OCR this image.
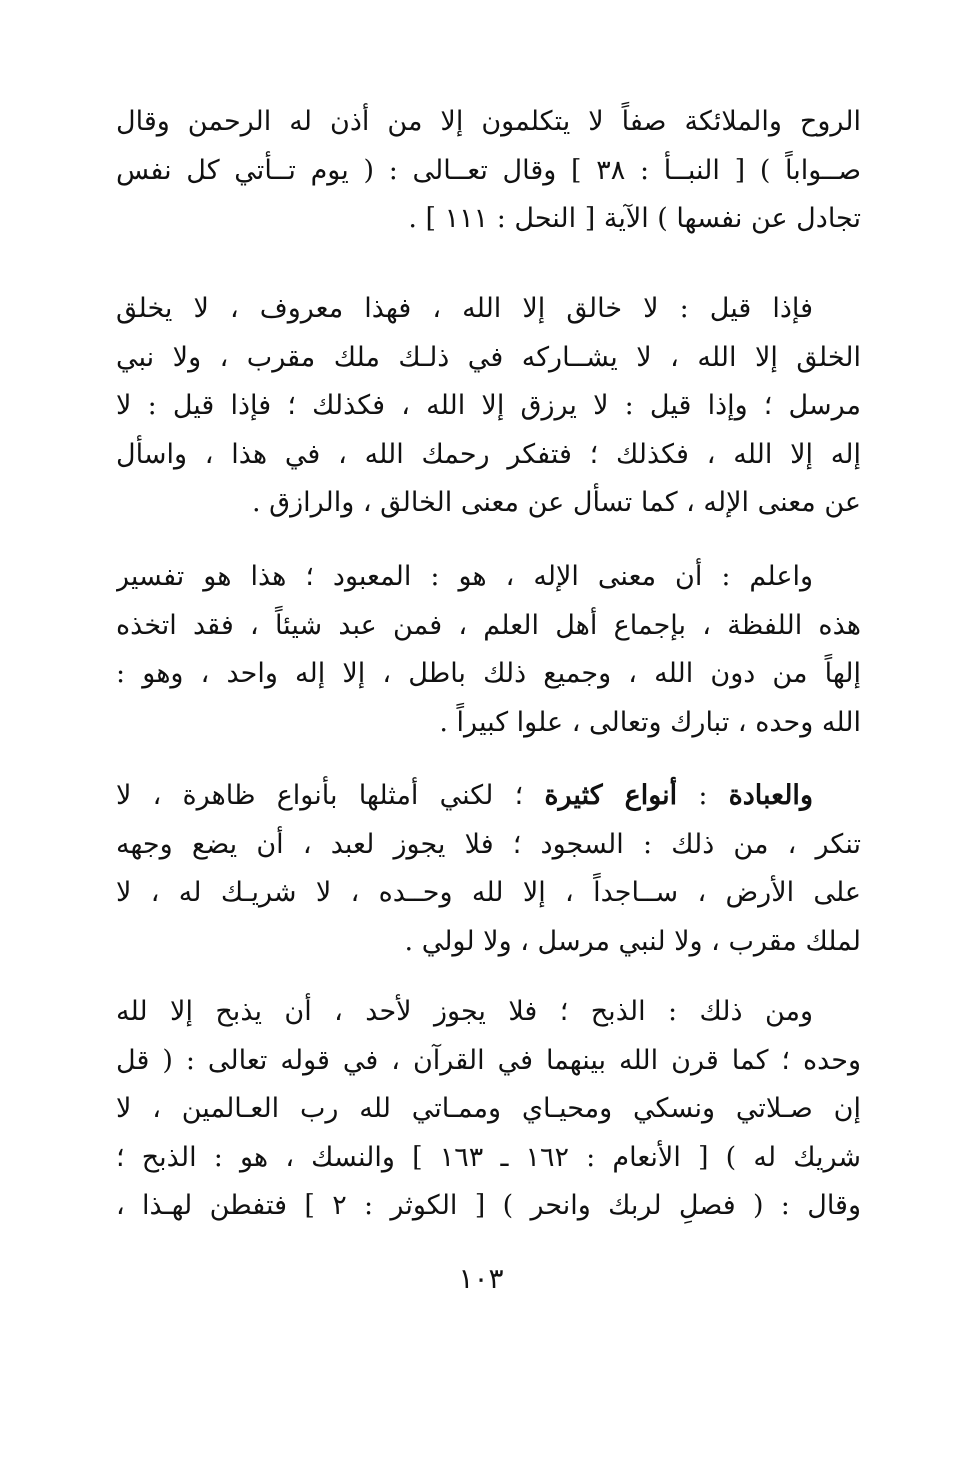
الروح والملائكة صفاً لا يتكلمون إلا من أذن له الرحمن وقال
صــواباً ) [ النبــأ : ٣٨ ] وقال تعــالى : ( يوم تــأتي كل نفس
تجادل عن نفسها ) الآية [ النحل : ١١١ ] .
فإذا قيل : لا خالق إلا الله ، فهذا معروف ، لا يخلق
الخلق إلا الله ، لا يشــاركه في ذلـك ملك مقرب ، ولا نبي
مرسل ؛ وإذا قيل : لا يرزق إلا الله ، فكذلك ؛ فإذا قيل : لا
إله إلا الله ، فكذلك ؛ فتفكر رحمك الله ، في هذا ، واسأل
عن معنى الإله ، كما تسأل عن معنى الخالق ، والرازق .
واعلم : أن معنى الإله ، هو : المعبود ؛ هذا هو تفسير
هذه اللفظة ، بإجماع أهل العلم ، فمن عبد شيئاً ، فقد اتخذه
إلهاً من دون الله ، وجميع ذلك باطل ، إلا إله واحد ، وهو :
الله وحده ، تبارك وتعالى ، علوا كبيراً .
والعبادة : أنواع كثيرة ؛ لكني أمثلها بأنواع ظاهرة ، لا
تنكر ، من ذلك : السجود ؛ فلا يجوز لعبد ، أن يضع وجهه
على الأرض ، ســاجداً ، إلا لله وحــده ، لا شريـك له ، لا
لملك مقرب ، ولا لنبي مرسل ، ولا لولي .
ومن ذلك : الذبح ؛ فلا يجوز لأحد ، أن يذبح إلا لله
وحده ؛ كما قرن الله بينهما في القرآن ، في قوله تعالى : ( قل
إن صـلاتي ونسكي ومحيـاي وممـاتي لله رب العـالمين ، لا
شريك له ) [ الأنعام : ١٦٢ ـ ١٦٣ ] والنسك ، هو : الذبح ؛
وقال : ( فصلِ لربك وانحر ) [ الكوثر : ٢ ] فتفطن لهـذا ،
١٠٣
